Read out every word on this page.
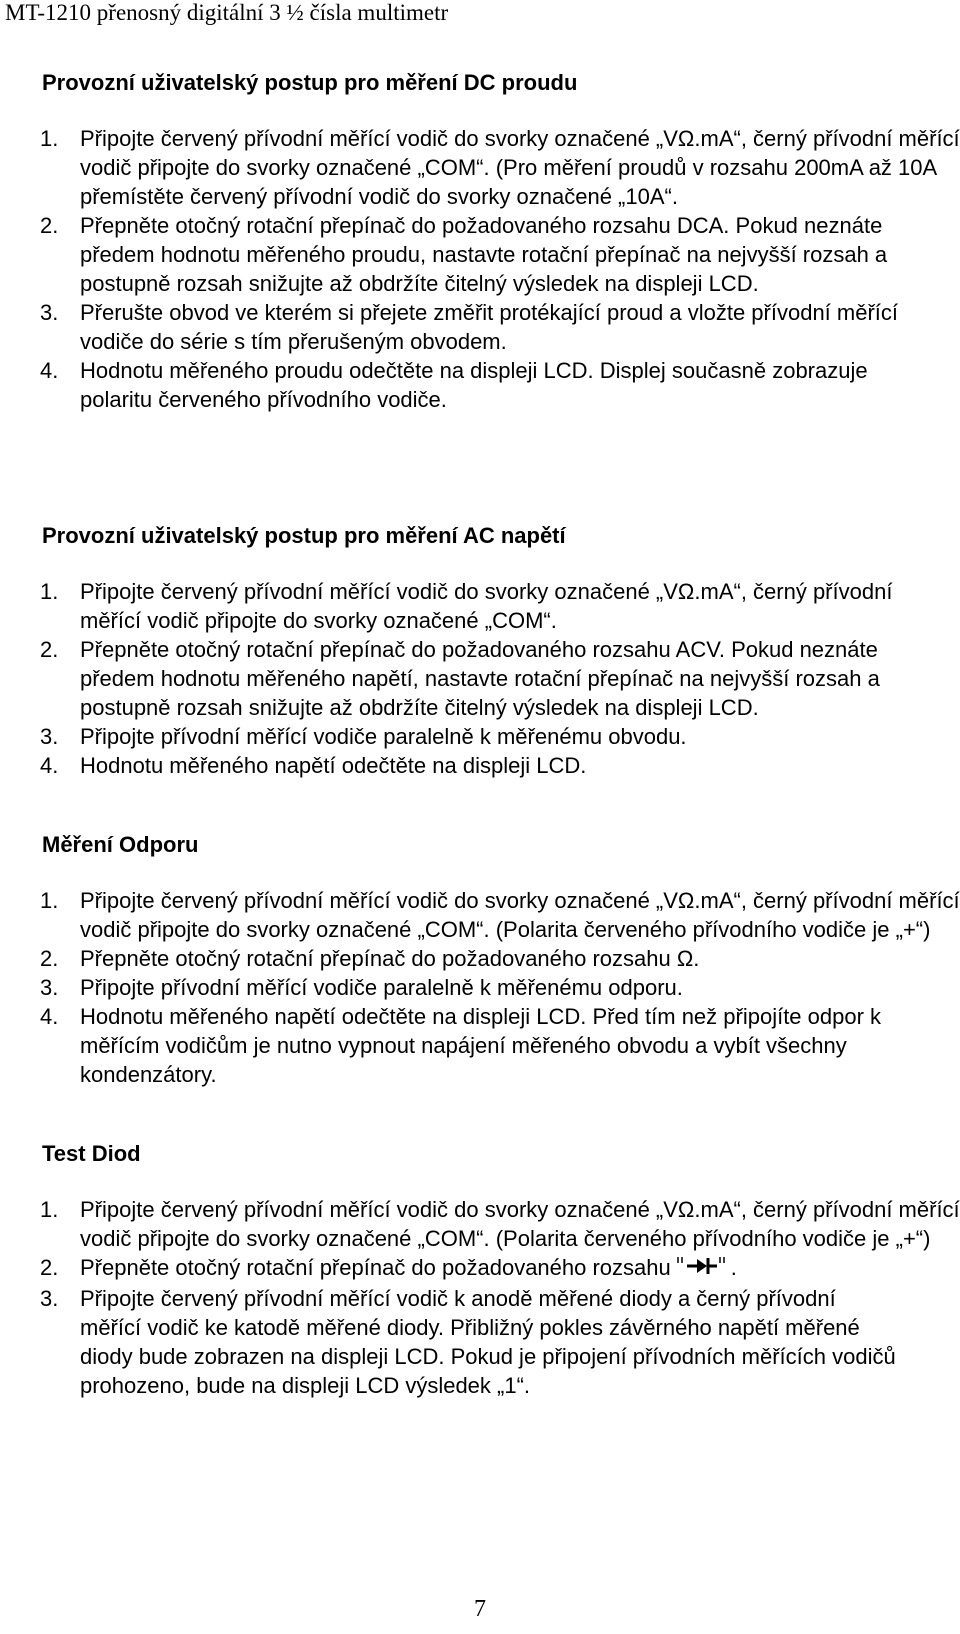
MT-1210 přenosný digitální 3 ½ čísla multimetr
Provozní uživatelský postup pro měření DC proudu
1. Připojte červený přívodní měřící vodič do svorky označené „VΩ.mA“, černý přívodní měřící vodič připojte do svorky označené „COM“. (Pro měření proudů v rozsahu 200mA až 10A přemístěte červený přívodní vodič do svorky označené „10A“.
2. Přepněte otočný rotační přepínač do požadovaného rozsahu DCA. Pokud neznáte předem hodnotu měřeného proudu, nastavte rotační přepínač na nejvyšší rozsah a postupně rozsah snižujte až obdržíte čitelný výsledek na displeji LCD.
3. Přerušte obvod ve kterém si přejete změřit protékající proud a vložte přívodní měřící vodiče do série s tím přerušeným obvodem.
4. Hodnotu měřeného proudu odečtěte na displeji LCD. Displej současně zobrazuje polaritu červeného přívodního vodiče.
Provozní uživatelský postup pro měření AC napětí
1. Připojte červený přívodní měřící vodič do svorky označené „VΩ.mA“, černý přívodní měřící vodič připojte do svorky označené „COM“.
2. Přepněte otočný rotační přepínač do požadovaného rozsahu ACV. Pokud neznáte předem hodnotu měřeného napětí, nastavte rotační přepínač na nejvyšší rozsah a postupně rozsah snižujte až obdržíte čitelný výsledek na displeji LCD.
3. Připojte přívodní měřící vodiče paralelně k měřenému obvodu.
4. Hodnotu měřeného napětí odečtěte na displeji LCD.
Měření Odporu
1. Připojte červený přívodní měřící vodič do svorky označené „VΩ.mA“, černý přívodní měřící vodič připojte do svorky označené „COM“. (Polarita červeného přívodního vodiče je „+“)
2. Přepněte otočný rotační přepínač do požadovaného rozsahu Ω.
3. Připojte přívodní měřící vodiče paralelně k měřenému odporu.
4. Hodnotu měřeného napětí odečtěte na displeji LCD. Před tím než připojíte odpor k měřícím vodičům je nutno vypnout napájení měřeného obvodu a vybít všechny kondenzátory.
Test Diod
1. Připojte červený přívodní měřící vodič do svorky označené „VΩ.mA“, černý přívodní měřící vodič připojte do svorky označené „COM“. (Polarita červeného přívodního vodiče je „+“)
2. Přepněte otočný rotační přepínač do požadovaného rozsahu	.
3. Připojte červený přívodní měřící vodič k anodě měřené diody a černý přívodní měřící vodič ke katodě měřené diody. Přibližný pokles závěrného napětí měřené diody bude zobrazen na displeji LCD. Pokud je připojení přívodních měřících vodičů prohozeno, bude na displeji LCD výsledek „1“.
7
